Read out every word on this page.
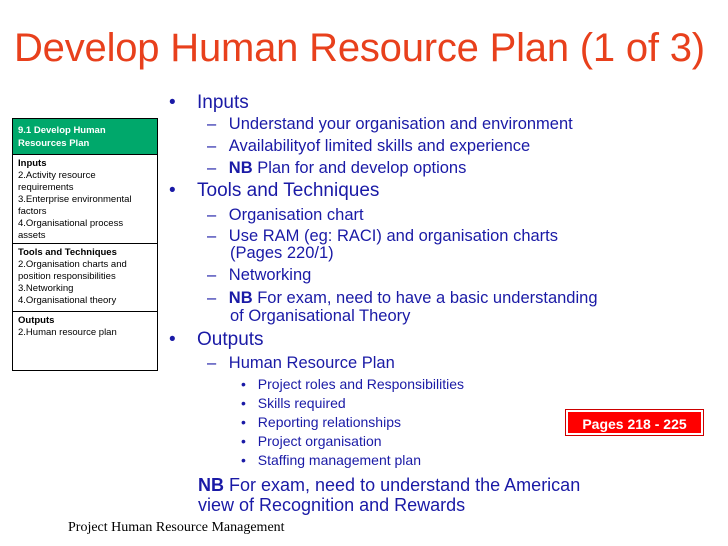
Develop Human Resource Plan (1 of 3)
9.1 Develop Human Resources Plan
Inputs
2.Activity resource requirements
3.Enterprise environmental factors
4.Organisational process assets
Tools and Techniques
2.Organisation charts and position responsibilities
3.Networking
4.Organisational theory
Outputs
2.Human resource plan
• Inputs
– Understand your organisation and environment
– Availabilityof limited skills and experience
– NB Plan for and develop options
• Tools and Techniques
– Organisation chart
– Use RAM (eg: RACI) and organisation charts
(Pages 220/1)
– Networking
– NB For exam, need to have a basic understanding
of Organisational Theory
• Outputs
– Human Resource Plan
• Project roles and Responsibilities
• Skills required
• Reporting relationships
• Project organisation
• Staffing management plan
NB For exam, need to understand the American
view of Recognition and Rewards
Pages 218 - 225
Project Human Resource Management
